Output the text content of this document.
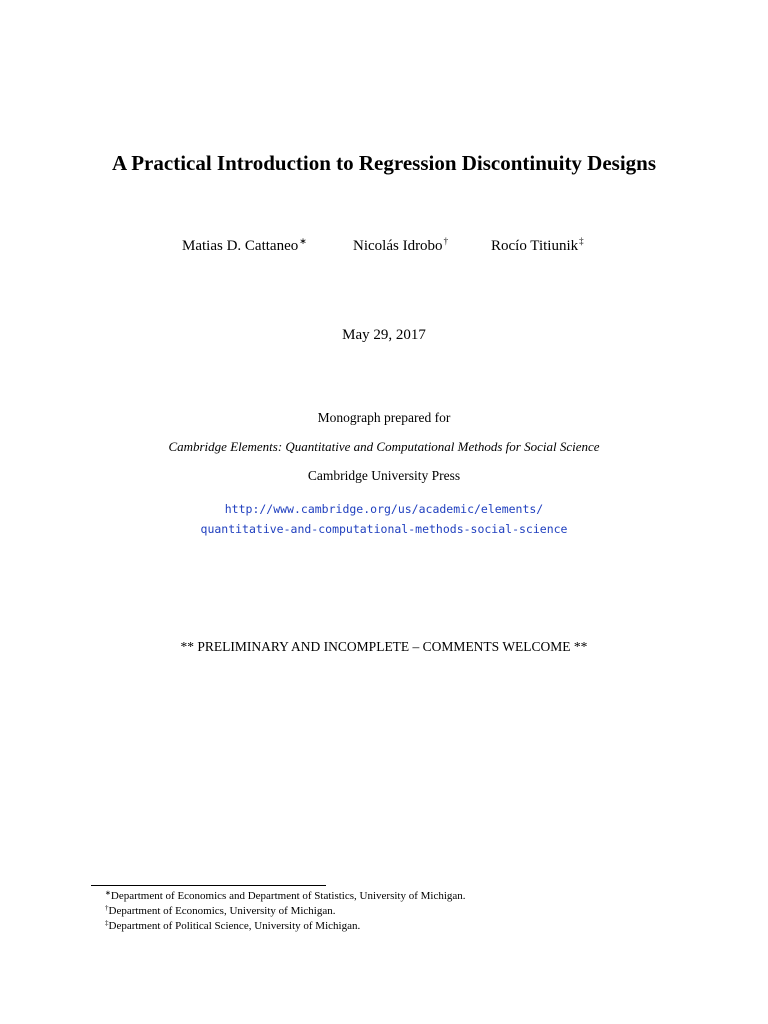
A Practical Introduction to Regression Discontinuity Designs
Matias D. Cattaneo∗	Nicolás Idrobo†	Rocío Titiunik‡
May 29, 2017
Monograph prepared for
Cambridge Elements: Quantitative and Computational Methods for Social Science
Cambridge University Press
http://www.cambridge.org/us/academic/elements/
quantitative-and-computational-methods-social-science
** PRELIMINARY AND INCOMPLETE – COMMENTS WELCOME **
∗Department of Economics and Department of Statistics, University of Michigan.
†Department of Economics, University of Michigan.
‡Department of Political Science, University of Michigan.
